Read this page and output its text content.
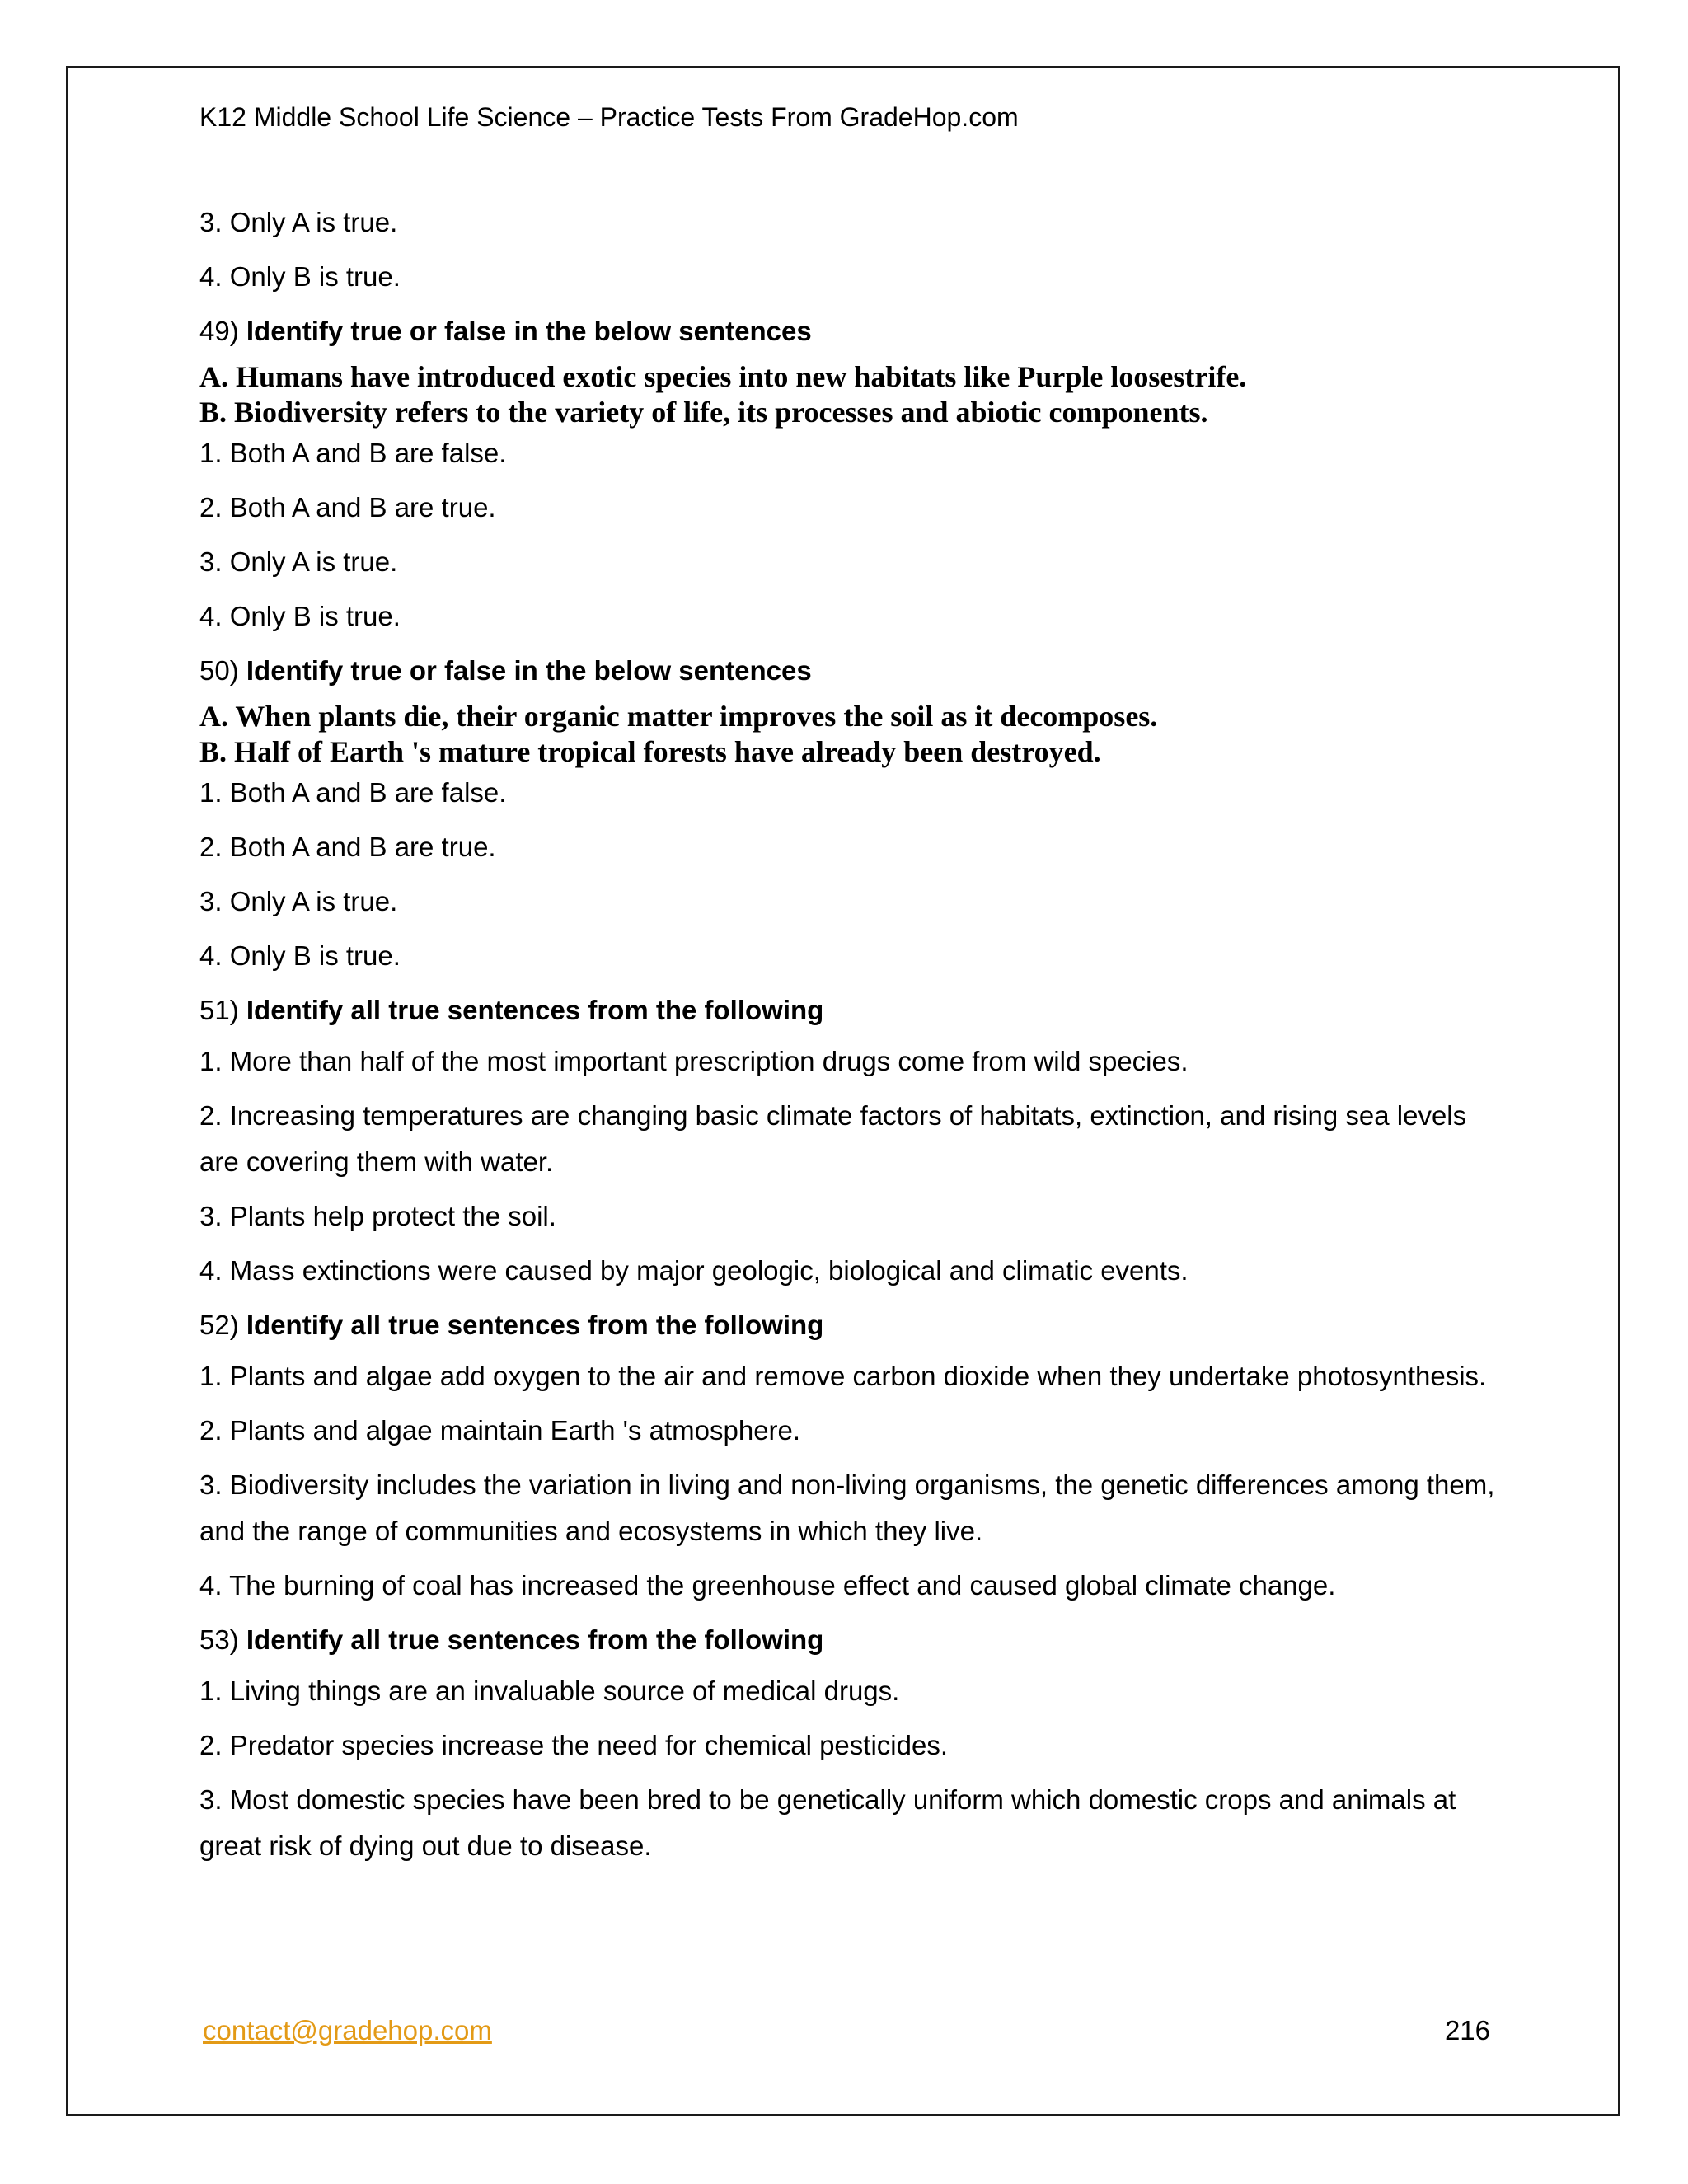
K12 Middle School Life Science – Practice Tests From GradeHop.com
3. Only A is true.
4. Only B is true.
49) Identify true or false in the below sentences
A. Humans have introduced exotic species into new habitats like Purple loosestrife.
B. Biodiversity refers to the variety of life, its processes and abiotic components.
1. Both A and B are false.
2. Both A and B are true.
3. Only A is true.
4. Only B is true.
50) Identify true or false in the below sentences
A. When plants die, their organic matter improves the soil as it decomposes.
B. Half of Earth 's mature tropical forests have already been destroyed.
1. Both A and B are false.
2. Both A and B are true.
3. Only A is true.
4. Only B is true.
51) Identify all true sentences from the following
1. More than half of the most important prescription drugs come from wild species.
2. Increasing temperatures are changing basic climate factors of habitats, extinction, and rising sea levels are covering them with water.
3. Plants help protect the soil.
4. Mass extinctions were caused by major geologic, biological and climatic events.
52) Identify all true sentences from the following
1. Plants and algae add oxygen to the air and remove carbon dioxide when they undertake photosynthesis.
2. Plants and algae maintain Earth 's atmosphere.
3. Biodiversity includes the variation in living and non-living organisms, the genetic differences among them, and the range of communities and ecosystems in which they live.
4. The burning of coal has increased the greenhouse effect and caused global climate change.
53) Identify all true sentences from the following
1. Living things are an invaluable source of medical drugs.
2. Predator species increase the need for chemical pesticides.
3. Most domestic species have been bred to be genetically uniform which domestic crops and animals at great risk of dying out due to disease.
contact@gradehop.com	216
